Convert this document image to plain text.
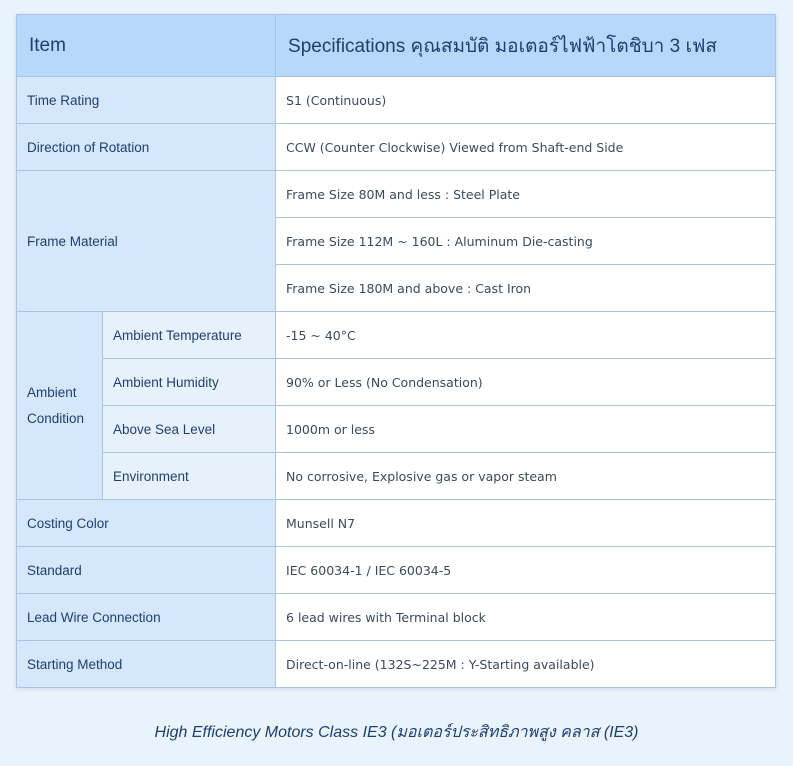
Item		Specifications คุณสมบัติ มอเตอร์ไฟฟ้าโตชิบา 3 เฟส
Time Rating		S1 (Continuous)
Direction of Rotation		CCW (Counter Clockwise) Viewed from Shaft-end Side
Frame Material		Frame Size 80M and less : Steel Plate
		Frame Size 112M ~ 160L : Aluminum Die-casting
		Frame Size 180M and above : Cast Iron
Ambient Condition	Ambient Temperature	-15 ~ 40°C
	Ambient Humidity	90% or Less (No Condensation)
	Above Sea Level	1000m or less
	Environment	No corrosive, Explosive gas or vapor steam
Costing Color		Munsell N7
Standard		IEC 60034-1 / IEC 60034-5
Lead Wire Connection		6 lead wires with Terminal block
Starting Method		Direct-on-line (132S~225M : Y-Starting available)
High Efficiency Motors Class IE3 (มอเตอร์ประสิทธิภาพสูง คลาส (IE3)
